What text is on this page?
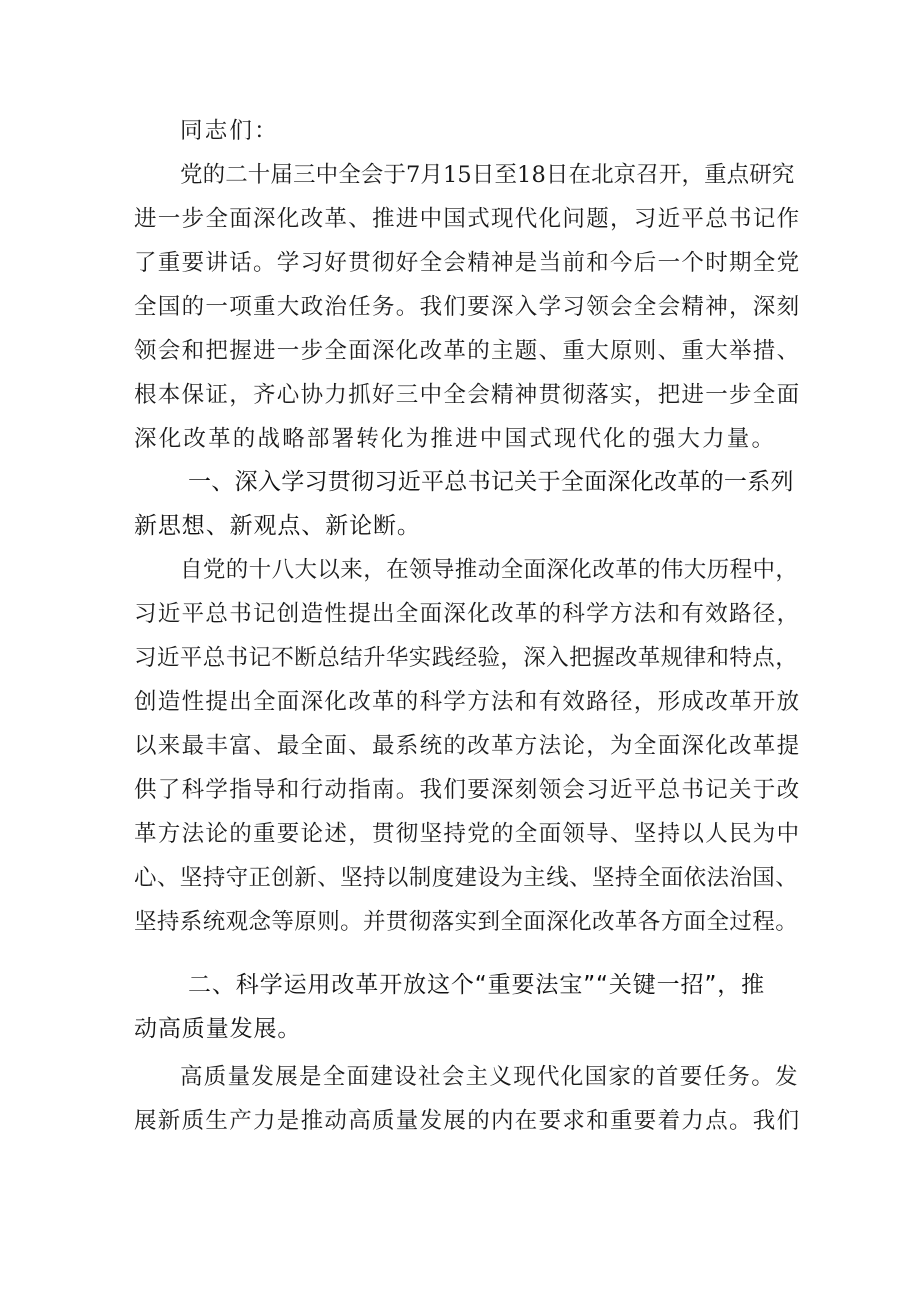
同志们：
党的二十届三中全会于7月15日至18日在北京召开，重点研究
进一步全面深化改革、推进中国式现代化问题，习近平总书记作
了重要讲话。学习好贯彻好全会精神是当前和今后一个时期全党
全国的一项重大政治任务。我们要深入学习领会全会精神，深刻
领会和把握进一步全面深化改革的主题、重大原则、重大举措、
根本保证，齐心协力抓好三中全会精神贯彻落实，把进一步全面
深化改革的战略部署转化为推进中国式现代化的强大力量。
一、深入学习贯彻习近平总书记关于全面深化改革的一系列
新思想、新观点、新论断。
自党的十八大以来，在领导推动全面深化改革的伟大历程中，
习近平总书记创造性提出全面深化改革的科学方法和有效路径，
习近平总书记不断总结升华实践经验，深入把握改革规律和特点，
创造性提出全面深化改革的科学方法和有效路径，形成改革开放
以来最丰富、最全面、最系统的改革方法论，为全面深化改革提
供了科学指导和行动指南。我们要深刻领会习近平总书记关于改
革方法论的重要论述，贯彻坚持党的全面领导、坚持以人民为中
心、坚持守正创新、坚持以制度建设为主线、坚持全面依法治国、
坚持系统观念等原则。并贯彻落实到全面深化改革各方面全过程。
二、科学运用改革开放这个“重要法宝”“关键一招”，推
动高质量发展。
高质量发展是全面建设社会主义现代化国家的首要任务。发
展新质生产力是推动高质量发展的内在要求和重要着力点。我们
